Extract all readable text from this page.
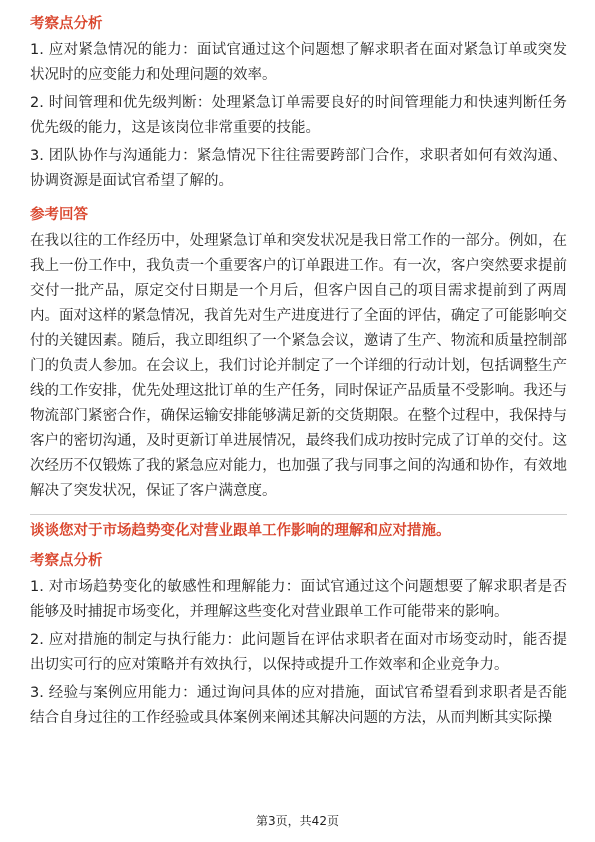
考察点分析

1. 应对紧急情况的能力：面试官通过这个问题想了解求职者在面对紧急订单或突发状况时的应变能力和处理问题的效率。

2. 时间管理和优先级判断：处理紧急订单需要良好的时间管理能力和快速判断任务优先级的能力，这是该岗位非常重要的技能。

3. 团队协作与沟通能力：紧急情况下往往需要跨部门合作，求职者如何有效沟通、协调资源是面试官希望了解的。

参考回答

在我以往的工作经历中，处理紧急订单和突发状况是我日常工作的一部分。例如，在我上一份工作中，我负责一个重要客户的订单跟进工作。有一次，客户突然要求提前交付一批产品，原定交付日期是一个月后，但客户因自己的项目需求提前到了两周内。面对这样的紧急情况，我首先对生产进度进行了全面的评估，确定了可能影响交付的关键因素。随后，我立即组织了一个紧急会议，邀请了生产、物流和质量控制部门的负责人参加。在会议上，我们讨论并制定了一个详细的行动计划，包括调整生产线的工作安排，优先处理这批订单的生产任务，同时保证产品质量不受影响。我还与物流部门紧密合作，确保运输安排能够满足新的交货期限。在整个过程中，我保持与客户的密切沟通，及时更新订单进展情况，最终我们成功按时完成了订单的交付。这次经历不仅锻炼了我的紧急应对能力，也加强了我与同事之间的沟通和协作，有效地解决了突发状况，保证了客户满意度。

谈谈您对于市场趋势变化对营业跟单工作影响的理解和应对措施。
考察点分析

1. 对市场趋势变化的敏感性和理解能力：面试官通过这个问题想要了解求职者是否能够及时捕捉市场变化，并理解这些变化对营业跟单工作可能带来的影响。

2. 应对措施的制定与执行能力：此问题旨在评估求职者在面对市场变动时，能否提出切实可行的应对策略并有效执行，以保持或提升工作效率和企业竞争力。

3. 经验与案例应用能力：通过询问具体的应对措施，面试官希望看到求职者是否能结合自身过往的工作经验或具体案例来阐述其解决问题的方法，从而判断其实际操

第3页，共42页
